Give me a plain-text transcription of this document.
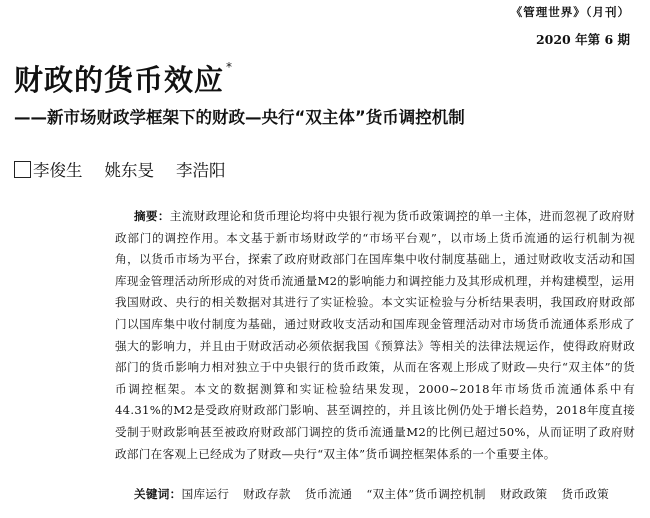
《管理世界》（月刊）
2020 年第 6 期
财政的货币效应 *
——新市场财政学框架下的财政—央行“双主体”货币调控机制
李俊生 姚东旻 李浩阳

摘要：主流财政理论和货币理论均将中央银行视为货币政策调控的单一主体，进而忽视了政府财政部门的调控作用。本文基于新市场财政学的“市场平台观”，以市场上货币流通的运行机制为视角，以货币市场为平台，探索了政府财政部门在国库集中收付制度基础上，通过财政收支活动和国库现金管理活动所形成的对货币流通量M2的影响能力和调控能力及其形成机理，并构建模型，运用我国财政、央行的相关数据对其进行了实证检验。本文实证检验与分析结果表明，我国政府财政部门以国库集中收付制度为基础，通过财政收支活动和国库现金管理活动对市场货币流通体系形成了强大的影响力，并且由于财政活动必须依据我国《预算法》等相关的法律法规运作，使得政府财政部门的货币影响力相对独立于中央银行的货币政策，从而在客观上形成了财政—央行“双主体”的货币调控框架。本文的数据测算和实证检验结果发现，2000~2018年市场货币流通体系中有44.31%的M2是受政府财政部门影响、甚至调控的，并且该比例仍处于增长趋势，2018年度直接受制于财政影响甚至被政府财政部门调控的货币流通量M2的比例已超过50%，从而证明了政府财政部门在客观上已经成为了财政—央行“双主体”货币调控框架体系的一个重要主体。

关键词：国库运行 财政存款 货币流通 “双主体”货币调控机制 财政政策 货币政策
